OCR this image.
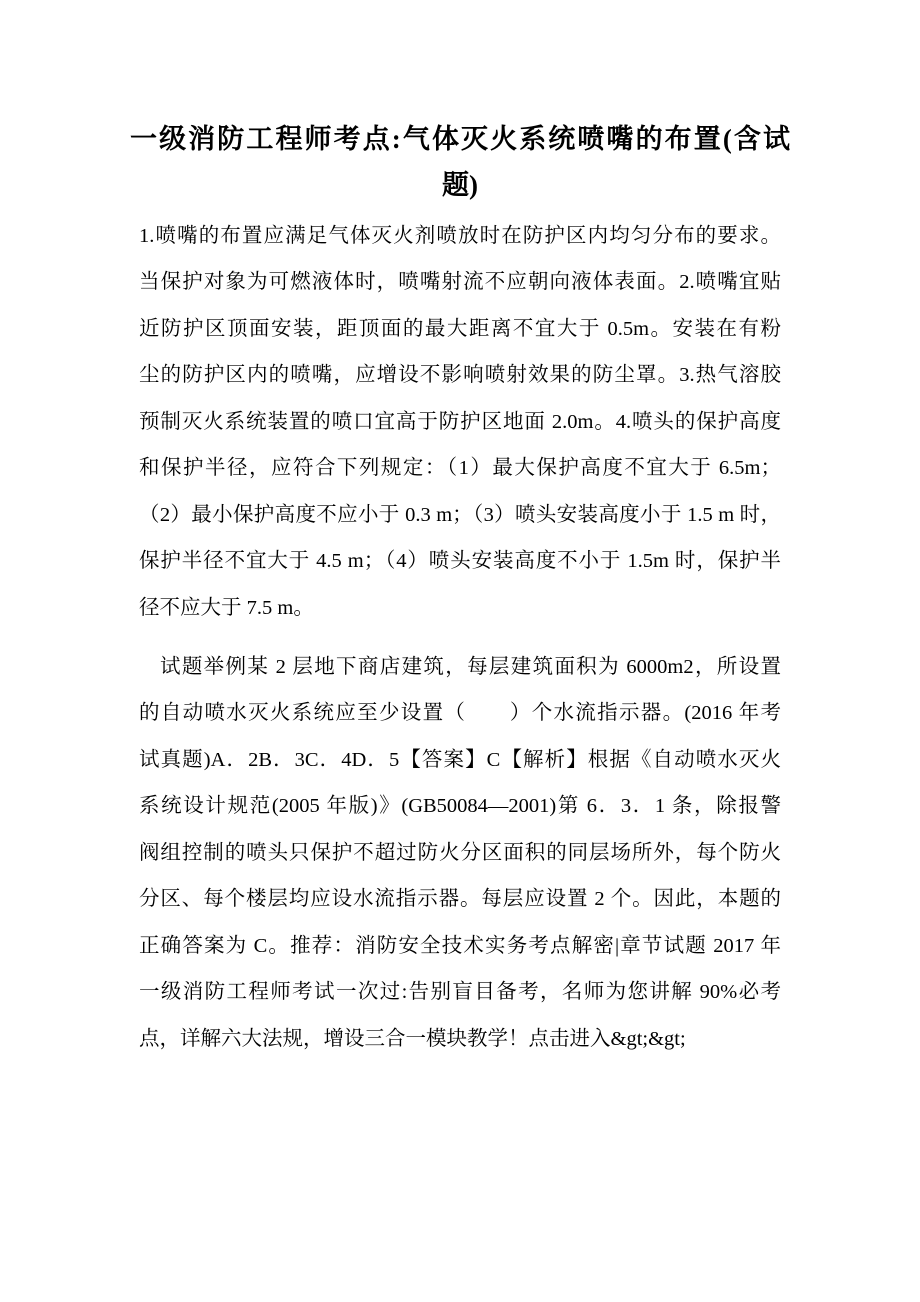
一级消防工程师考点:气体灭火系统喷嘴的布置(含试
题)
1.喷嘴的布置应满足气体灭火剂喷放时在防护区内均匀分布的要求。
当保护对象为可燃液体时，喷嘴射流不应朝向液体表面。2.喷嘴宜贴
近防护区顶面安装，距顶面的最大距离不宜大于 0.5m。安装在有粉
尘的防护区内的喷嘴，应增设不影响喷射效果的防尘罩。3.热气溶胶
预制灭火系统装置的喷口宜高于防护区地面 2.0m。4.喷头的保护高度
和保护半径，应符合下列规定：（1）最大保护高度不宜大于 6.5m；
（2）最小保护高度不应小于 0.3 m；（3）喷头安装高度小于 1.5 m 时，
保护半径不宜大于 4.5 m；（4）喷头安装高度不小于 1.5m 时，保护半
径不应大于 7.5 m。
试题举例某 2 层地下商店建筑，每层建筑面积为 6000m2，所设置
的自动喷水灭火系统应至少设置（　　）个水流指示器。(2016 年考
试真题)A．2B．3C．4D．5【答案】C【解析】根据《自动喷水灭火
系统设计规范(2005 年版)》(GB50084—2001)第 6．3．1 条，除报警
阀组控制的喷头只保护不超过防火分区面积的同层场所外，每个防火
分区、每个楼层均应设水流指示器。每层应设置 2 个。因此，本题的
正确答案为 C。推荐：消防安全技术实务考点解密|章节试题 2017 年
一级消防工程师考试一次过:告别盲目备考，名师为您讲解 90%必考
点，详解六大法规，增设三合一模块教学！点击进入&gt;&gt;
